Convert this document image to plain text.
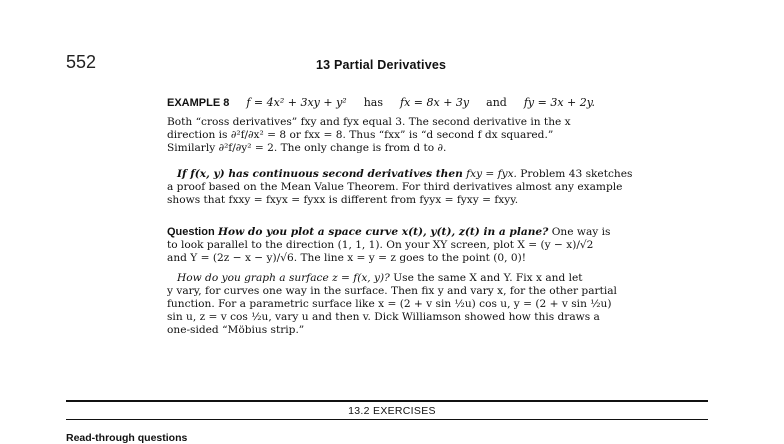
552	13 Partial Derivatives
EXAMPLE 8 f = 4x² + 3xy + y² has fx = 8x + 3y and fy = 3x + 2y.
Both “cross derivatives” fxy and fyx equal 3. The second derivative in the x
direction is ∂²f/∂x² = 8 or fxx = 8. Thus “fxx” is “d second f dx squared.”
Similarly ∂²f/∂y² = 2. The only change is from d to ∂.
If f(x, y) has continuous second derivatives then fxy = fyx. Problem 43 sketches
a proof based on the Mean Value Theorem. For third derivatives almost any example
shows that fxxy = fxyx = fyxx is different from fyyx = fyxy = fxyy.
Question How do you plot a space curve x(t), y(t), z(t) in a plane? One way is
to look parallel to the direction (1, 1, 1). On your XY screen, plot X = (y − x)/√2
and Y = (2z − x − y)/√6. The line x = y = z goes to the point (0, 0)!
How do you graph a surface z = f(x, y)? Use the same X and Y. Fix x and let
y vary, for curves one way in the surface. Then fix y and vary x, for the other partial
function. For a parametric surface like x = (2 + v sin ½u) cos u, y = (2 + v sin ½u)
sin u, z = v cos ½u, vary u and then v. Dick Williamson showed how this draws a
one-sided “Möbius strip.”
13.2 EXERCISES
Read-through questions
